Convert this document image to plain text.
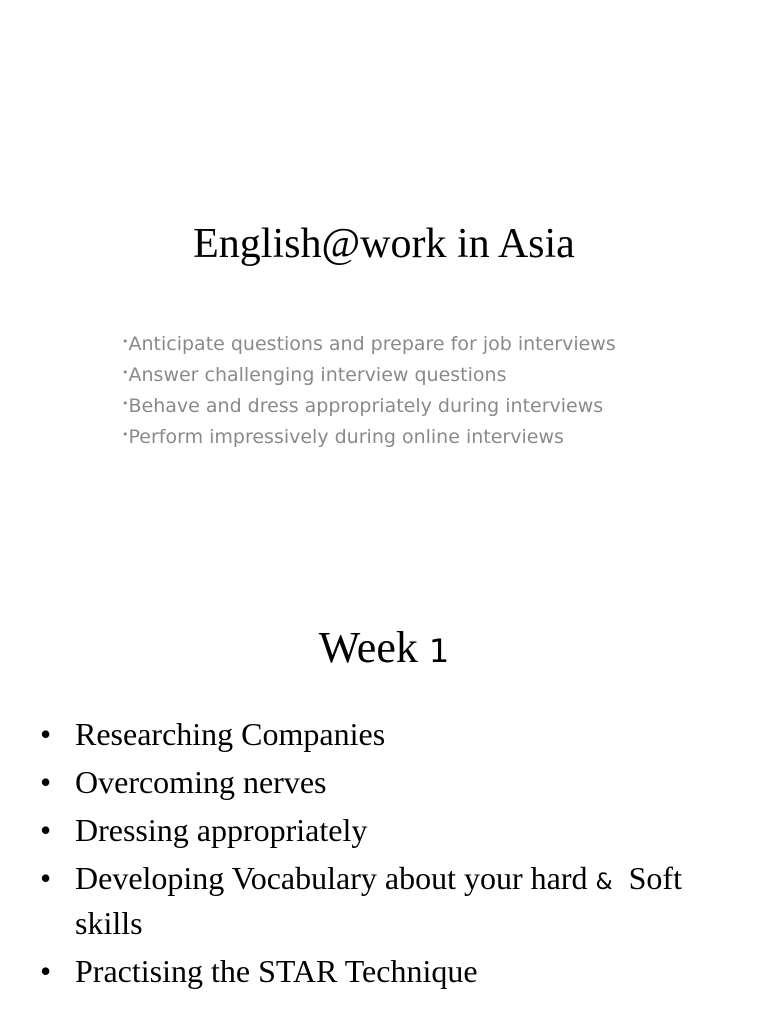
English@work in Asia
•Anticipate questions and prepare for job interviews
•Answer challenging interview questions
•Behave and dress appropriately during interviews
•Perform impressively during online interviews
Week 1
• Researching Companies
• Overcoming nerves
• Dressing appropriately
• Developing Vocabulary about your hard & Soft skills
• Practising the STAR Technique
